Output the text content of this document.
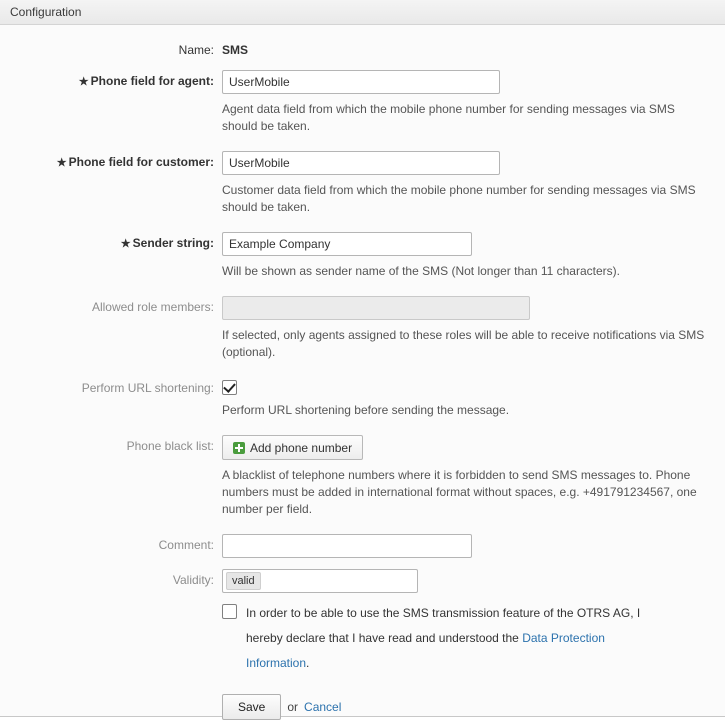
Configuration
Name: SMS
★ Phone field for agent:
UserMobile
Agent data field from which the mobile phone number for sending messages via SMS should be taken.
★ Phone field for customer:
UserMobile
Customer data field from which the mobile phone number for sending messages via SMS should be taken.
★ Sender string:
Example Company
Will be shown as sender name of the SMS (Not longer than 11 characters).
Allowed role members:
If selected, only agents assigned to these roles will be able to receive notifications via SMS (optional).
Perform URL shortening:
Perform URL shortening before sending the message.
Phone black list:	Add phone number
A blacklist of telephone numbers where it is forbidden to send SMS messages to. Phone numbers must be added in international format without spaces, e.g. +491791234567, one number per field.
Comment:
Validity:	valid
In order to be able to use the SMS transmission feature of the OTRS AG, I hereby declare that I have read and understood the Data Protection Information.
Save	or Cancel
